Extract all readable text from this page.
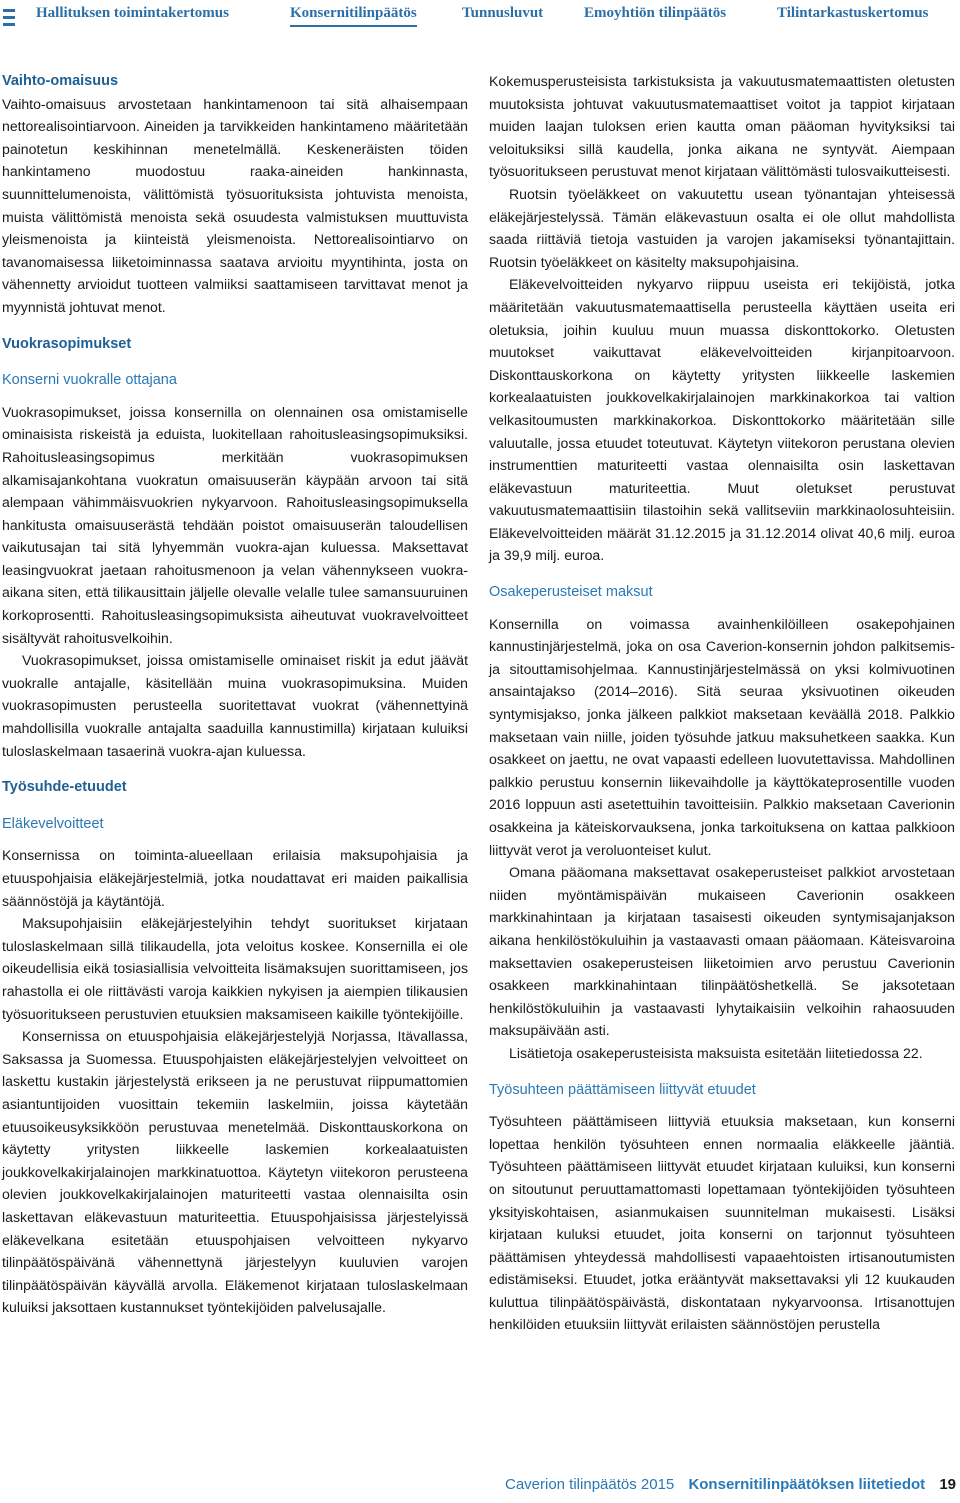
Hallituksen toimintakertomus	Konsernitilinpäätös	Tunnusluvut	Emoyhtiön tilinpäätös	Tilintarkastuskertomus
Vaihto-omaisuus

Vaihto-omaisuus arvostetaan hankintamenoon tai sitä alhaisempaan nettorealisointiarvoon. Aineiden ja tarvikkeiden hankintameno määritetään painotetun keskihinnan menetelmällä. Keskeneräisten töiden hankintameno muodostuu raaka-aineiden hankinnasta, suunnittelumenoista, välittömistä työsuorituksista johtuvista menoista, muista välittömistä menoista sekä osuudesta valmistuksen muuttuvista yleismenoista ja kiinteistä yleismenoista. Nettorealisointiarvo on tavanomaisessa liiketoiminnassa saatava arvioitu myyntihinta, josta on vähennetty arvioidut tuotteen valmiiksi saattamiseen tarvittavat menot ja myynnistä johtuvat menot.

Vuokrasopimukset
Konserni vuokralle ottajana

Vuokrasopimukset, joissa konsernilla on olennainen osa omistamiselle ominaisista riskeistä ja eduista, luokitellaan rahoitusleasingsopimuksiksi. Rahoitusleasingsopimus merkitään vuokrasopimuksen alkamisajankohtana vuokratun omaisuuserän käypään arvoon tai sitä alempaan vähimmäisvuokrien nykyarvoon. Rahoitusleasingsopimuksella hankitusta omaisuuserästä tehdään poistot omaisuuserän taloudellisen vaikutusajan tai sitä lyhyemmän vuokra-ajan kuluessa. Maksettavat leasingvuokrat jaetaan rahoitusmenoon ja velan vähennykseen vuokra-aikana siten, että tilikausittain jäljelle olevalle velalle tulee samansuuruinen korkoprosentti. Rahoitusleasingsopimuksista aiheutuvat vuokravelvoitteet sisältyvät rahoitusvelkoihin.

Vuokrasopimukset, joissa omistamiselle ominaiset riskit ja edut jäävät vuokralle antajalle, käsitellään muina vuokrasopimuksina. Muiden vuokrasopimusten perusteella suoritettavat vuokrat (vähennettyinä mahdollisilla vuokralle antajalta saaduilla kannustimilla) kirjataan kuluiksi tuloslaskelmaan tasaerinä vuokra-ajan kuluessa.

Työsuhde-etuudet
Eläkevelvoitteet

Konsernissa on toiminta-alueellaan erilaisia maksupohjaisia ja etuuspohjaisia eläkejärjestelmiä, jotka noudattavat eri maiden paikallisia säännöstöjä ja käytäntöjä.

Maksupohjaisiin eläkejärjestelyihin tehdyt suoritukset kirjataan tuloslaskelmaan sillä tilikaudella, jota veloitus koskee. Konsernilla ei ole oikeudellisia eikä tosiasiallisia velvoitteita lisämaksujen suorittamiseen, jos rahastolla ei ole riittävästi varoja kaikkien nykyisen ja aiempien tilikausien työsuoritukseen perustuvien etuuksien maksamiseen kaikille työntekijöille.

Konsernissa on etuuspohjaisia eläkejärjestelyjä Norjassa, Itävallassa, Saksassa ja Suomessa. Etuuspohjaisten eläkejärjestelyjen velvoitteet on laskettu kustakin järjestelystä erikseen ja ne perustuvat riippumattomien asiantuntijoiden vuosittain tekemiin laskelmiin, joissa käytetään etuusoikeusyksikköön perustuvaa menetelmää. Diskonttauskorkona on käytetty yritysten liikkeelle laskemien korkealaatuisten joukkovelkakirjalainojen markkinatuottoa. Käytetyn viitekoron perusteena olevien joukkovelkakirjalainojen maturiteetti vastaa olennaisilta osin laskettavan eläkevastuun maturiteettia. Etuuspohjaisissa järjestelyissä eläkevelkana esitetään etuuspohjaisen velvoitteen nykyarvo tilinpäätöspäivänä vähennettynä järjestelyyn kuuluvien varojen tilinpäätöspäivän käyvällä arvolla. Eläkemenot kirjataan tuloslaskelmaan kuluiksi jaksottaen kustannukset työntekijöiden palvelusajalle.

Kokemusperusteisista tarkistuksista ja vakuutusmatemaattisten oletusten muutoksista johtuvat vakuutusmatemaattiset voitot ja tappiot kirjataan muiden laajan tuloksen erien kautta oman pääoman hyvityksiksi tai veloituksiksi sillä kaudella, jonka aikana ne syntyvät. Aiempaan työsuoritukseen perustuvat menot kirjataan välittömästi tulosvaikutteisesti.

Ruotsin työeläkkeet on vakuutettu usean työnantajan yhteisessä eläkejärjestelyssä. Tämän eläkevastuun osalta ei ole ollut mahdollista saada riittäviä tietoja vastuiden ja varojen jakamiseksi työnantajittain. Ruotsin työeläkkeet on käsitelty maksupohjaisina.

Eläkevelvoitteiden nykyarvo riippuu useista eri tekijöistä, jotka määritetään vakuutusmatemaattisella perusteella käyttäen useita eri oletuksia, joihin kuuluu muun muassa diskonttokorko. Oletusten muutokset vaikuttavat eläkevelvoitteiden kirjanpitoarvoon. Diskonttauskorkona on käytetty yritysten liikkeelle laskemien korkealaatuisten joukkovelkakirjalainojen markkinakorkoa tai valtion velkasitoumusten markkinakorkoa. Diskonttokorko määritetään sille valuutalle, jossa etuudet toteutuvat. Käytetyn viitekoron perustana olevien instrumenttien maturiteetti vastaa olennaisilta osin laskettavan eläkevastuun maturiteettia. Muut oletukset perustuvat vakuutusmatemaattisiin tilastoihin sekä vallitseviin markkinaolosuhteisiin. Eläkevelvoitteiden määrät 31.12.2015 ja 31.12.2014 olivat 40,6 milj. euroa ja 39,9 milj. euroa.

Osakeperusteiset maksut

Konsernilla on voimassa avainhenkilöilleen osakepohjainen kannustinjärjestelmä, joka on osa Caverion-konsernin johdon palkitsemis- ja sitouttamisohjelmaa. Kannustinjärjestelmässä on yksi kolmivuotinen ansaintajakso (2014–2016). Sitä seuraa yksivuotinen oikeuden syntymisjakso, jonka jälkeen palkkiot maksetaan keväällä 2018. Palkkio maksetaan vain niille, joiden työsuhde jatkuu maksuhetkeen saakka. Kun osakkeet on jaettu, ne ovat vapaasti edelleen luovutettavissa. Mahdollinen palkkio perustuu konsernin liikevaihdolle ja käyttökateprosentille vuoden 2016 loppuun asti asetettuihin tavoitteisiin. Palkkio maksetaan Caverionin osakkeina ja käteiskorvauksena, jonka tarkoituksena on kattaa palkkioon liittyvät verot ja veroluonteiset kulut.

Omana pääomana maksettavat osakeperusteiset palkkiot arvostetaan niiden myöntämispäivän mukaiseen Caverionin osakkeen markkinahintaan ja kirjataan tasaisesti oikeuden syntymisajanjakson aikana henkilöstökuluihin ja vastaavasti omaan pääomaan. Käteisvaroina maksettavien osakeperusteisen liiketoimien arvo perustuu Caverionin osakkeen markkinahintaan tilinpäätöshetkellä. Se jaksotetaan henkilöstökuluihin ja vastaavasti lyhytaikaisiin velkoihin rahaosuuden maksupäivään asti.

Lisätietoja osakeperusteisista maksuista esitetään liitetiedossa 22.

Työsuhteen päättämiseen liittyvät etuudet

Työsuhteen päättämiseen liittyviä etuuksia maksetaan, kun konserni lopettaa henkilön työsuhteen ennen normaalia eläkkeelle jääntiä. Työsuhteen päättämiseen liittyvät etuudet kirjataan kuluiksi, kun konserni on sitoutunut peruuttamattomasti lopettamaan työntekijöiden työsuhteen yksityiskohtaisen, asianmukaisen suunnitelman mukaisesti. Lisäksi kirjataan kuluksi etuudet, joita konserni on tarjonnut työsuhteen päättämisen yhteydessä mahdollisesti vapaaehtoisten irtisanoutumisten edistämiseksi. Etuudet, jotka erääntyvät maksettavaksi yli 12 kuukauden kuluttua tilinpäätöspäivästä, diskontataan nykyarvoonsa. Irtisanottujen henkilöiden etuuksiin liittyvät erilaisten säännöstöjen perustella

Caverion tilinpäätös 2015 Konsernitilinpäätöksen liitetiedot 19
